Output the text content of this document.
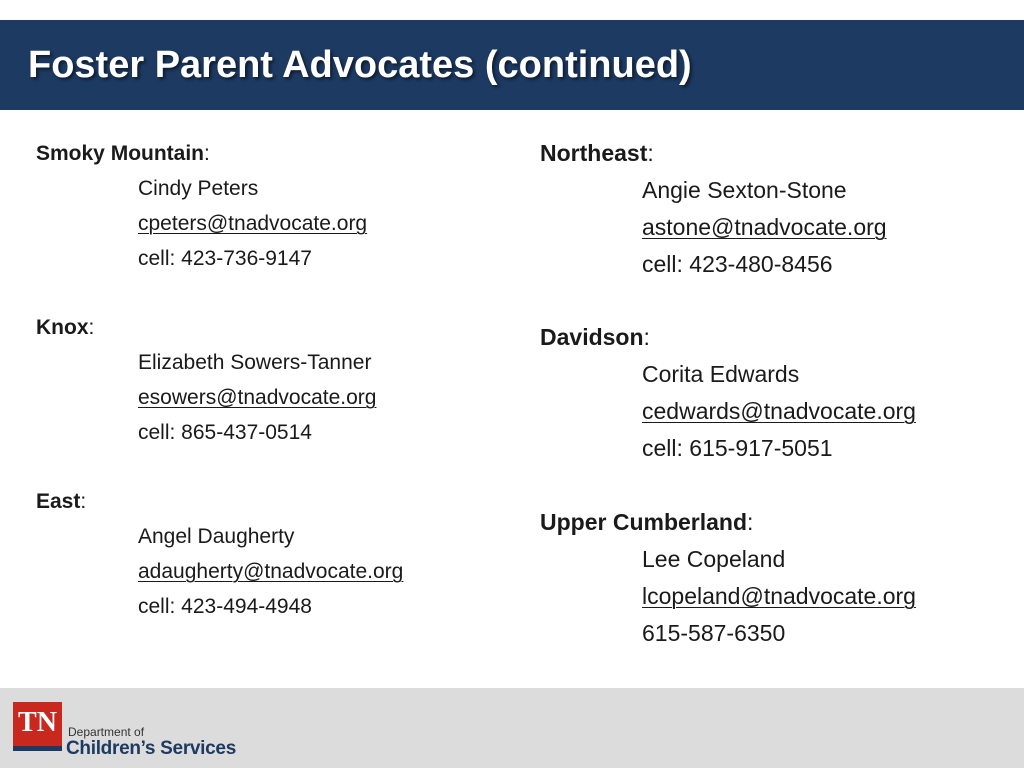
Foster Parent Advocates (continued)
Smoky Mountain:
Cindy Peters
cpeters@tnadvocate.org
cell: 423-736-9147
Knox:
Elizabeth Sowers-Tanner
esowers@tnadvocate.org
cell: 865-437-0514
East:
Angel Daugherty
adaugherty@tnadvocate.org
cell: 423-494-4948
Northeast:
Angie Sexton-Stone
astone@tnadvocate.org
cell: 423-480-8456
Davidson:
Corita Edwards
cedwards@tnadvocate.org
cell: 615-917-5051
Upper Cumberland:
Lee Copeland
lcopeland@tnadvocate.org
615-587-6350
TN Department of
Children’s Services
